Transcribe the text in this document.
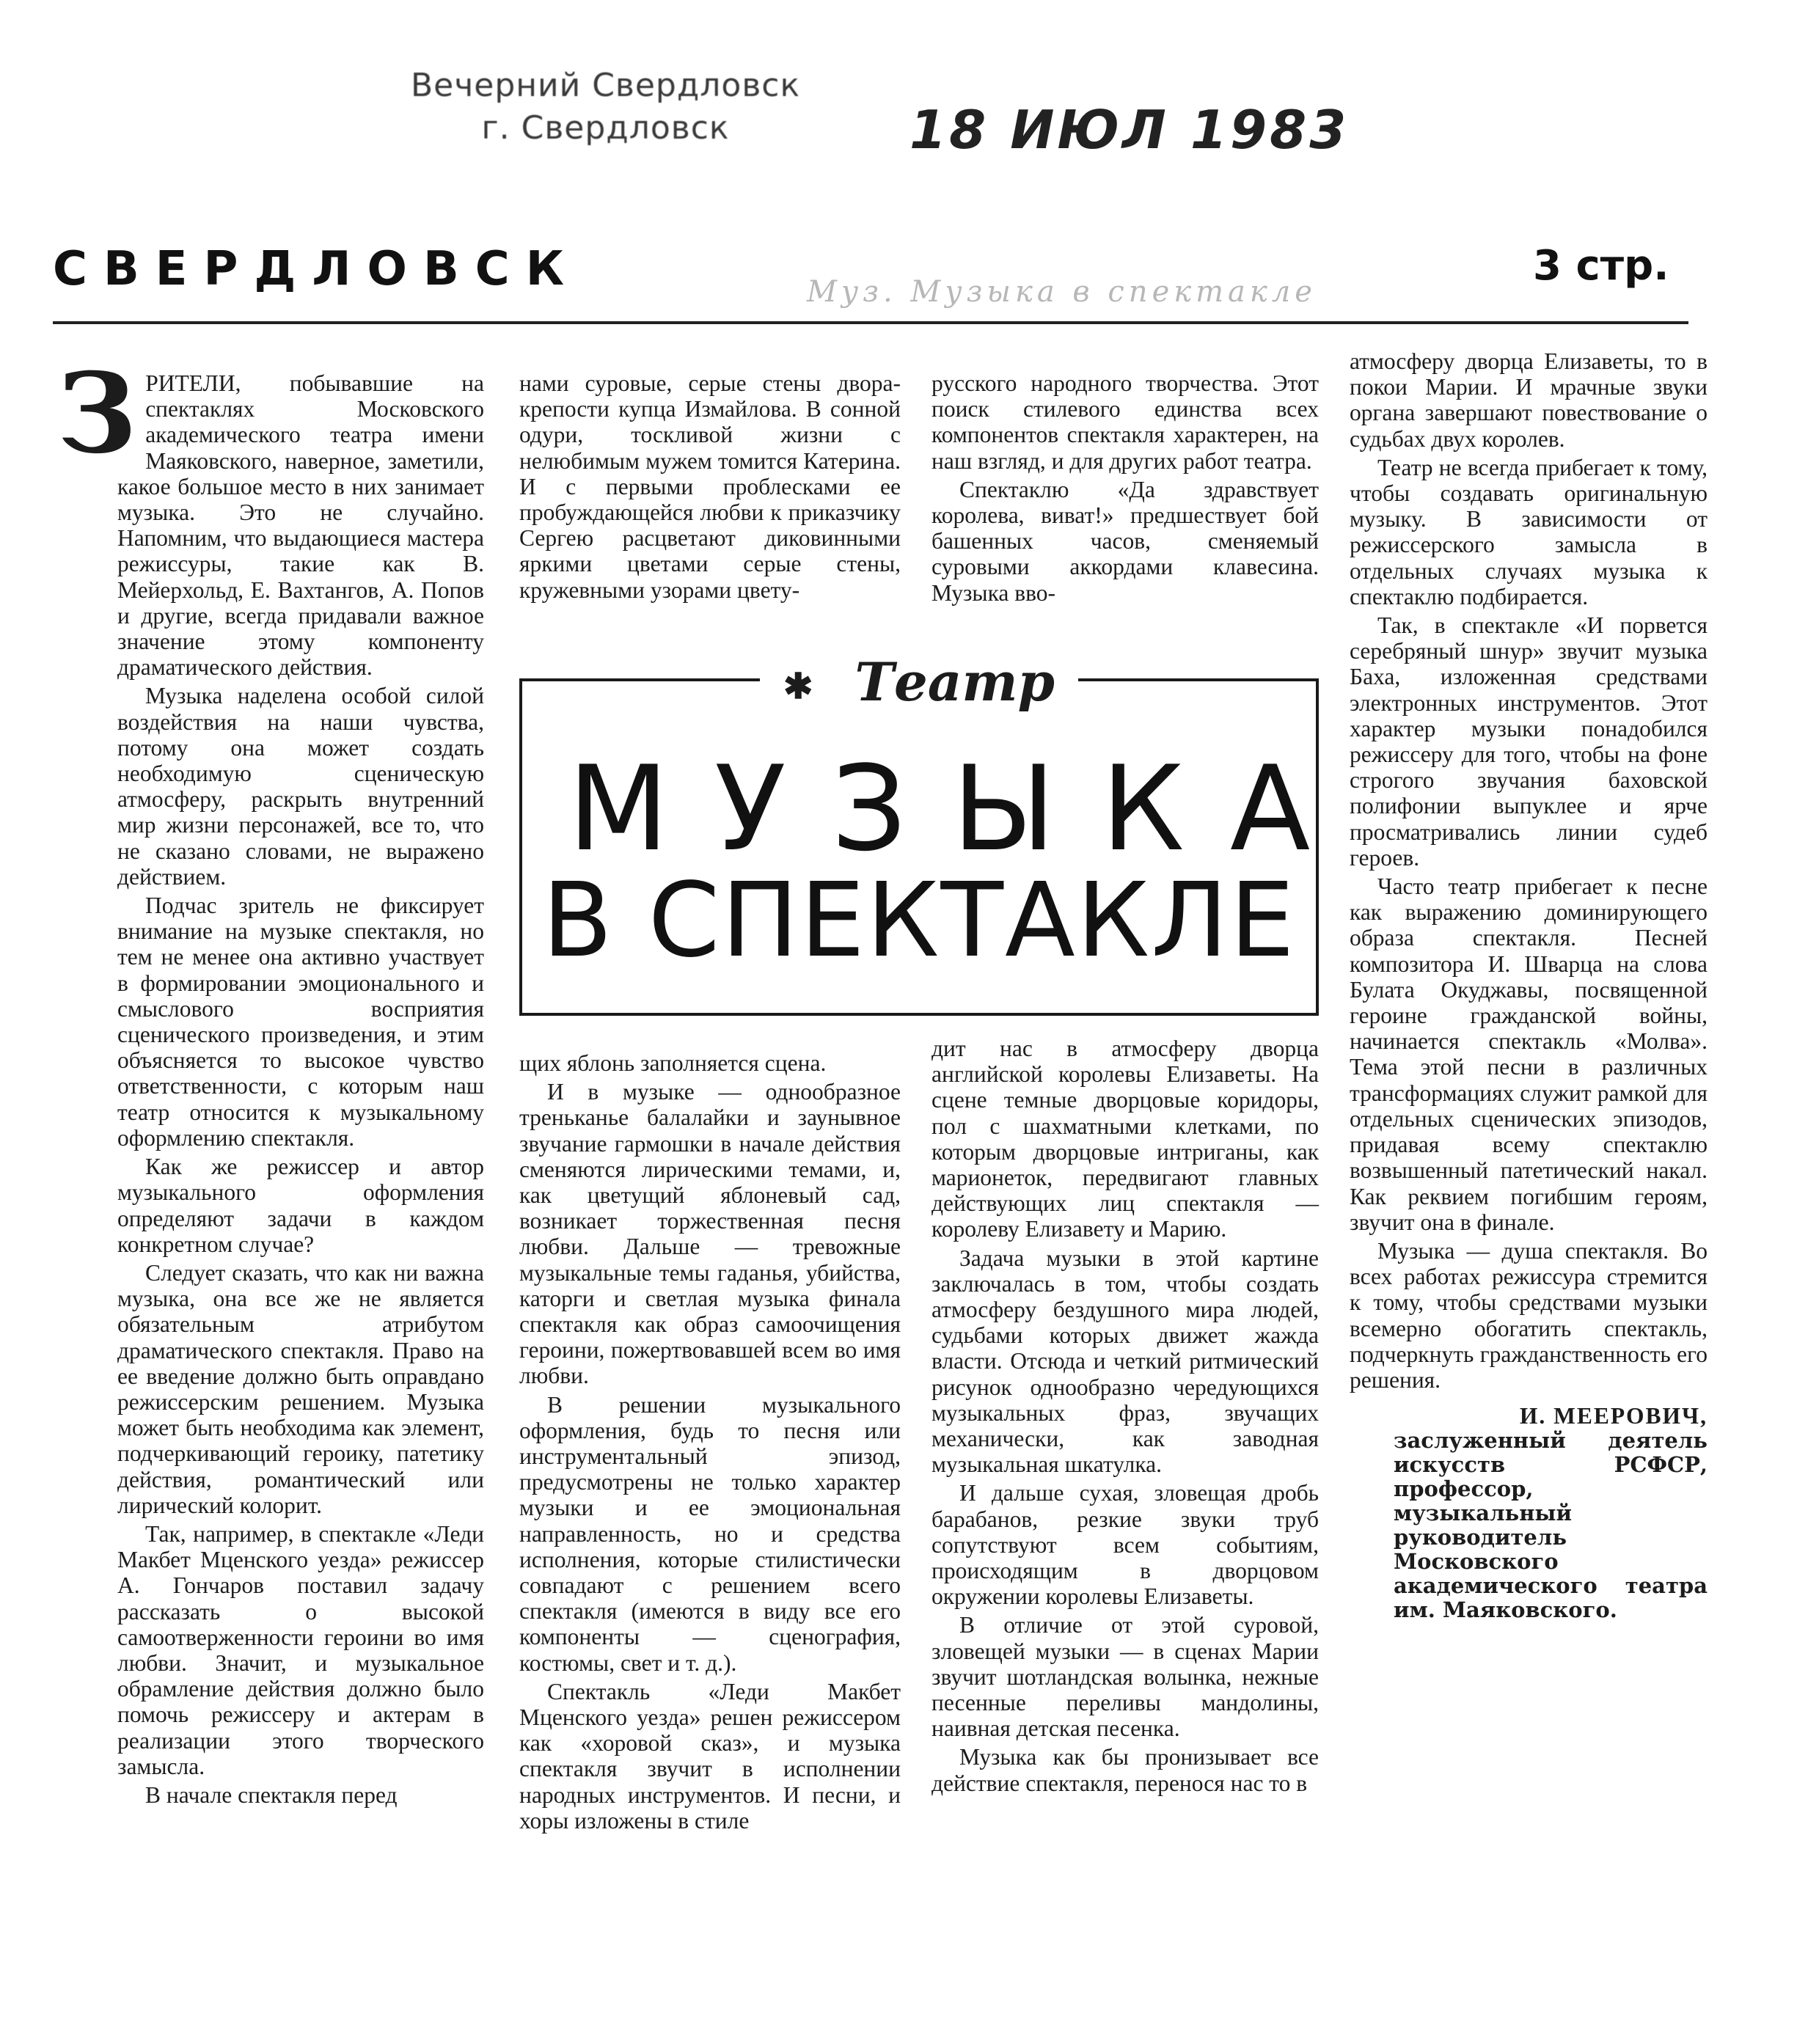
Вечерний Свердловск
г. Свердловск	18 ИЮЛ 1983
СВЕРДЛОВСК	Муз. Музыка в спектакле
3 стр.

ЗРИТЕЛИ, побывавшие на спектаклях Московского академического театра имени Маяковского, наверное, заметили, какое большое место в них занимает музыка. Это не случайно. Напомним, что выдающиеся мастера режиссуры, такие как В. Мейерхольд, Е. Вахтангов, А. Попов и другие, всегда придавали важное значение этому компоненту драматического действия.

Музыка наделена особой силой воздействия на наши чувства, потому она может создать необходимую сценическую атмосферу, раскрыть внутренний мир жизни персонажей, все то, что не сказано словами, не выражено действием.

Подчас зритель не фиксирует внимание на музыке спектакля, но тем не менее она активно участвует в формировании эмоционального и смыслового восприятия сценического произведения, и этим объясняется то высокое чувство ответственности, с которым наш театр относится к музыкальному оформлению спектакля.

Как же режиссер и автор музыкального оформления определяют задачи в каждом конкретном случае?

Следует сказать, что как ни важна музыка, она все же не является обязательным атрибутом драматического спектакля. Право на ее введение должно быть оправдано режиссерским решением. Музыка может быть необходима как элемент, подчеркивающий героику, патетику действия, романтический или лирический колорит.

Так, например, в спектакле «Леди Макбет Мценского уезда» режиссер А. Гончаров поставил задачу рассказать о высокой самоотверженности героини во имя любви. Значит, и музыкальное обрамление действия должно было помочь режиссеру и актерам в реализации этого творческого замысла.

В начале спектакля перед

нами суровые, серые стены двора-крепости купца Измайлова. В сонной одури, тоскливой жизни с нелюбимым мужем томится Катерина. И с первыми проблесками ее пробуждающейся любви к приказчику Сергею расцветают диковинными яркими цветами серые стены, кружевными узорами цвету-

русского народного творчества. Этот поиск стилевого единства всех компонентов спектакля характерен, на наш взгляд, и для других работ театра.

Спектаклю «Да здравствует королева, виват!» предшествует бой башенных часов, сменяемый суровыми аккордами клавесина. Музыка вво-

✱ Театр
МУЗЫКА
В СПЕКТАКЛЕ

щих яблонь заполняется сцена.

И в музыке — однообразное треньканье балалайки и заунывное звучание гармошки в начале действия сменяются лирическими темами, и, как цветущий яблоневый сад, возникает торжественная песня любви. Дальше — тревожные музыкальные темы гаданья, убийства, каторги и светлая музыка финала спектакля как образ самоочищения героини, пожертвовавшей всем во имя любви.

В решении музыкального оформления, будь то песня или инструментальный эпизод, предусмотрены не только характер музыки и ее эмоциональная направленность, но и средства исполнения, которые стилистически совпадают с решением всего спектакля (имеются в виду все его компоненты — сценография, костюмы, свет и т. д.).

Спектакль «Леди Макбет Мценского уезда» решен режиссером как «хоровой сказ», и музыка спектакля звучит в исполнении народных инструментов. И песни, и хоры изложены в стиле

дит нас в атмосферу дворца английской королевы Елизаветы. На сцене темные дворцовые коридоры, пол с шахматными клетками, по которым дворцовые интриганы, как марионеток, передвигают главных действующих лиц спектакля — королеву Елизавету и Марию.

Задача музыки в этой картине заключалась в том, чтобы создать атмосферу бездушного мира людей, судьбами которых движет жажда власти. Отсюда и четкий ритмический рисунок однообразно чередующихся музыкальных фраз, звучащих механически, как заводная музыкальная шкатулка.

И дальше сухая, зловещая дробь барабанов, резкие звуки труб сопутствуют всем событиям, происходящим в дворцовом окружении королевы Елизаветы.

В отличие от этой суровой, зловещей музыки — в сценах Марии звучит шотландская волынка, нежные песенные переливы мандолины, наивная детская песенка.

Музыка как бы пронизывает все действие спектакля, перенося нас то в

атмосферу дворца Елизаветы, то в покои Марии. И мрачные звуки органа завершают повествование о судьбах двух королев.

Театр не всегда прибегает к тому, чтобы создавать оригинальную музыку. В зависимости от режиссерского замысла в отдельных случаях музыка к спектаклю подбирается.

Так, в спектакле «И порвется серебряный шнур» звучит музыка Баха, изложенная средствами электронных инструментов. Этот характер музыки понадобился режиссеру для того, чтобы на фоне строгого звучания баховской полифонии выпуклее и ярче просматривались линии судеб героев.

Часто театр прибегает к песне как выражению доминирующего образа спектакля. Песней композитора И. Шварца на слова Булата Окуджавы, посвященной героине гражданской войны, начинается спектакль «Молва». Тема этой песни в различных трансформациях служит рамкой для отдельных сценических эпизодов, придавая всему спектаклю возвышенный патетический накал. Как реквием погибшим героям, звучит она в финале.

Музыка — душа спектакля. Во всех работах режиссура стремится к тому, чтобы средствами музыки всемерно обогатить спектакль, подчеркнуть гражданственность его решения.

И. МЕЕРОВИЧ,
заслуженный деятель искусств РСФСР, профессор, музыкальный руководитель Московского академического театра им. Маяковского.
